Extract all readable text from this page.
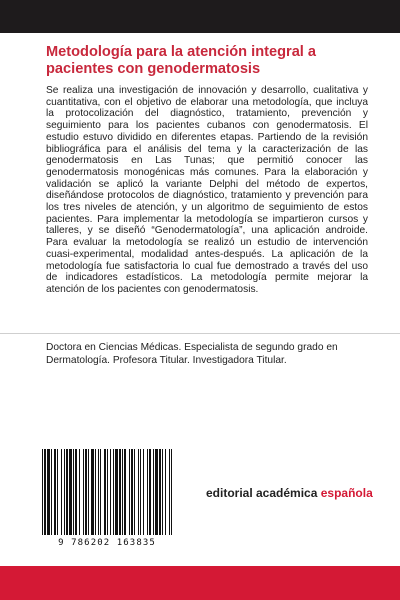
Metodología para la atención integral a pacientes con genodermatosis

Se realiza una investigación de innovación y desarrollo, cualitativa y cuantitativa, con el objetivo de elaborar una metodología, que incluya la protocolización del diagnóstico, tratamiento, prevención y seguimiento para los pacientes cubanos con genodermatosis. El estudio estuvo dividido en diferentes etapas. Partiendo de la revisión bibliográfica para el análisis del tema y la caracterización de las genodermatosis en Las Tunas; que permitió conocer las genodermatosis monogénicas más comunes. Para la elaboración y validación se aplicó la variante Delphi del método de expertos, diseñándose protocolos de diagnóstico, tratamiento y prevención para los tres niveles de atención, y un algoritmo de seguimiento de estos pacientes. Para implementar la metodología se impartieron cursos y talleres, y se diseñó “Genodermatología”, una aplicación androide. Para evaluar la metodología se realizó un estudio de intervención cuasi-experimental, modalidad antes-después. La aplicación de la metodología fue satisfactoria lo cual fue demostrado a través del uso de indicadores estadísticos. La metodología permite mejorar la atención de los pacientes con genodermatosis.

Doctora en Ciencias Médicas. Especialista de segundo grado en Dermatología. Profesora Titular. Investigadora Titular.

9 786202 163835
editorial académica española
